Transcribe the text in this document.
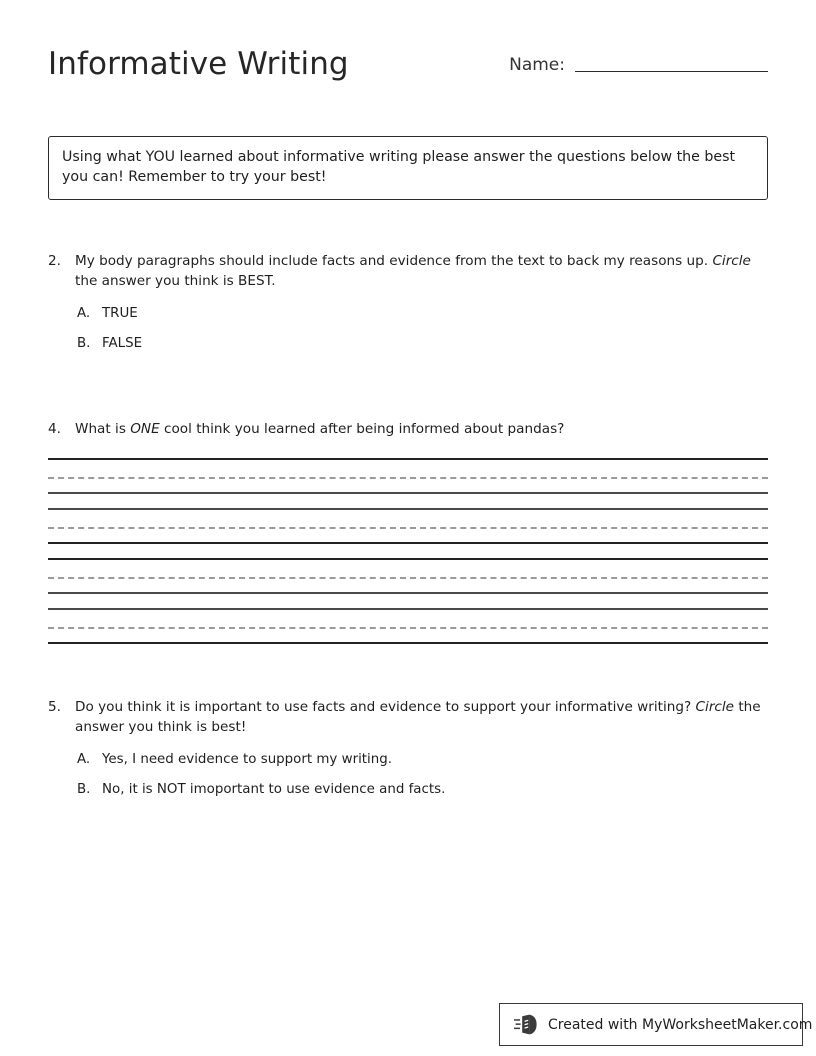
Informative Writing	Name:
Using what YOU learned about informative writing please answer the questions below the best you can! Remember to try your best!
2.	My body paragraphs should include facts and evidence from the text to back my reasons up. Circle the answer you think is BEST.
A. TRUE
B. FALSE
4.	What is ONE cool think you learned after being informed about pandas?
5.	Do you think it is important to use facts and evidence to support your informative writing? Circle the answer you think is best!
A. Yes, I need evidence to support my writing.
B. No, it is NOT imoportant to use evidence and facts.
Created with MyWorksheetMaker.com
